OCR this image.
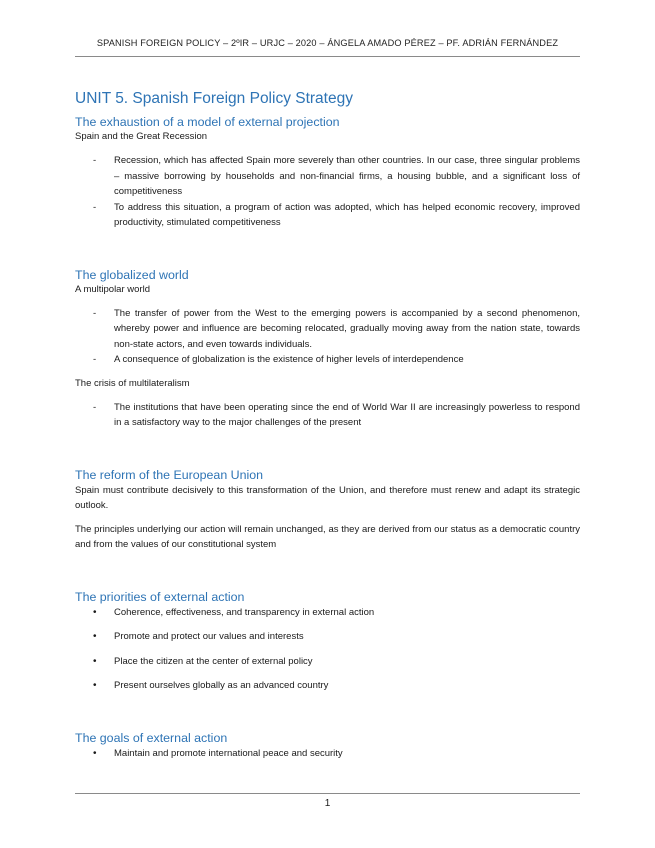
SPANISH FOREIGN POLICY – 2ºIR – URJC – 2020 – ÁNGELA AMADO PÉREZ – PF. ADRIÁN FERNÁNDEZ
UNIT 5. Spanish Foreign Policy Strategy
The exhaustion of a model of external projection

Spain and the Great Recession

- Recession, which has affected Spain more severely than other countries. In our case, three singular problems – massive borrowing by households and non-financial firms, a housing bubble, and a significant loss of competitiveness
- To address this situation, a program of action was adopted, which has helped economic recovery, improved productivity, stimulated competitiveness
The globalized world

A multipolar world

- The transfer of power from the West to the emerging powers is accompanied by a second phenomenon, whereby power and influence are becoming relocated, gradually moving away from the nation state, towards non-state actors, and even towards individuals.
- A consequence of globalization is the existence of higher levels of interdependence

The crisis of multilateralism

- The institutions that have been operating since the end of World War II are increasingly powerless to respond in a satisfactory way to the major challenges of the present
The reform of the European Union

Spain must contribute decisively to this transformation of the Union, and therefore must renew and adapt its strategic outlook.

The principles underlying our action will remain unchanged, as they are derived from our status as a democratic country and from the values of our constitutional system

The priorities of external action
• Coherence, effectiveness, and transparency in external action
• Promote and protect our values and interests
• Place the citizen at the center of external policy
• Present ourselves globally as an advanced country
The goals of external action
• Maintain and promote international peace and security
1
